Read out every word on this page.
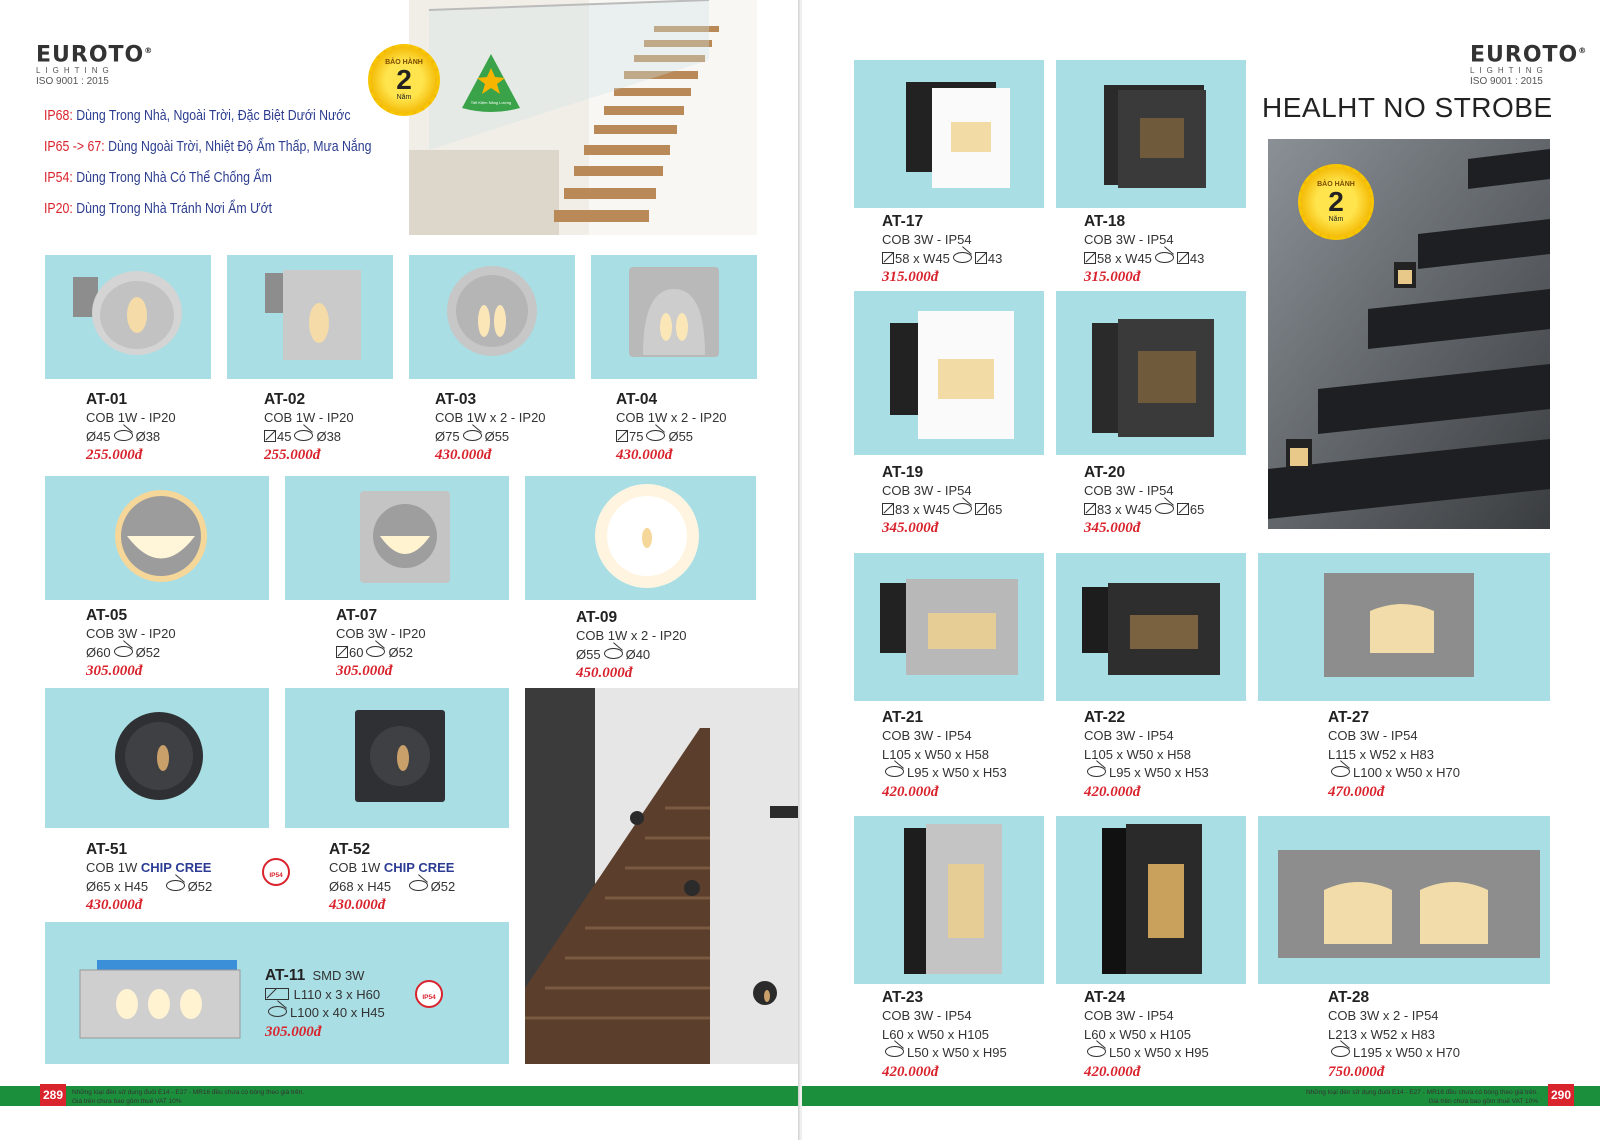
EUROTO®
LIGHTING
ISO 9001 : 2015
IP68: Dùng Trong Nhà, Ngoài Trời, Đặc Biệt Dưới Nước
IP65 -> 67: Dùng Ngoài Trời, Nhiệt Độ Ẩm Thấp, Mưa Nắng
IP54: Dùng Trong Nhà Có Thể Chống Ẩm
IP20: Dùng Trong Nhà Tránh Nơi Ẩm Ướt
BẢO HÀNH
2
Năm
Tiết Kiệm Năng Lượng
AT-01
COB 1W - IP20
Ø45 Ø38
255.000đ
AT-02
COB 1W - IP20
45 Ø38
255.000đ
AT-03
COB 1W x 2 - IP20
Ø75 Ø55
430.000đ
AT-04
COB 1W x 2 - IP20
75 Ø55
430.000đ
AT-05
COB 3W - IP20
Ø60 Ø52
305.000đ
AT-07
COB 3W - IP20
60 Ø52
305.000đ
AT-09
COB 1W x 2 - IP20
Ø55 Ø40
450.000đ
AT-51
COB 1W CHIP CREE
Ø65 x H45	Ø52
430.000đ
IP54
AT-52
COB 1W CHIP CREE
Ø68 x H45	Ø52
430.000đ
AT-11 SMD 3W
L110 x 3 x H60
L100 x 40 x H45
305.000đ
IP54
289	Những loại đèn sử dụng đuôi E14 - E27 - MR16 đều chưa có bóng theo giá trên.
Giá trên chưa bao gồm thuế VAT 10%
EUROTO®
LIGHTING
ISO 9001 : 2015
HEALHT NO STROBE
BẢO HÀNH
2
Năm
AT-17
COB 3W - IP54
58 x W45	43
315.000đ
AT-18
COB 3W - IP54
58 x W45	43
315.000đ
AT-19
COB 3W - IP54
83 x W45	65
345.000đ
AT-20
COB 3W - IP54
83 x W45	65
345.000đ
AT-21
COB 3W - IP54
L105 x W50 x H58
L95 x W50 x H53
420.000đ
AT-22
COB 3W - IP54
L105 x W50 x H58
L95 x W50 x H53
420.000đ
AT-27
COB 3W - IP54
L115 x W52 x H83
L100 x W50 x H70
470.000đ
AT-23
COB 3W - IP54
L60 x W50 x H105
L50 x W50 x H95
420.000đ
AT-24
COB 3W - IP54
L60 x W50 x H105
L50 x W50 x H95
420.000đ
AT-28
COB 3W x 2 - IP54
L213 x W52 x H83
L195 x W50 x H70
750.000đ
290
Những loại đèn sử dụng đuôi E14 - E27 - MR16 đều chưa có bóng theo giá trên.
Giá trên chưa bao gồm thuế VAT 10%
